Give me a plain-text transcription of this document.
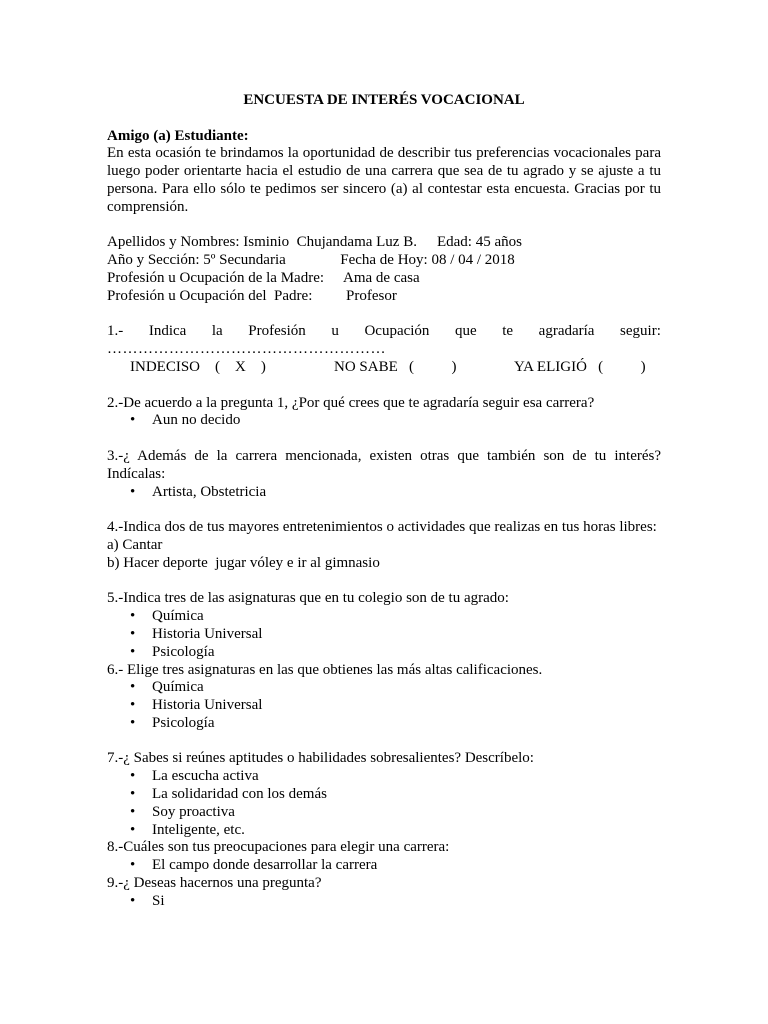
ENCUESTA DE INTERÉS VOCACIONAL
Amigo (a) Estudiante:
En esta ocasión te brindamos la oportunidad de describir tus preferencias vocacionales para luego poder orientarte hacia el estudio de una carrera que sea de tu agrado y se ajuste a tu persona. Para ello sólo te pedimos ser sincero (a) al contestar esta encuesta. Gracias por tu comprensión.
Apellidos y Nombres: Isminio  Chujandama Luz B. Edad: 45 años
Año y Sección: 5º Secundaria	Fecha de Hoy: 08 / 04 / 2018
Profesión u Ocupación de la Madre:	Ama de casa
Profesión u Ocupación del  Padre:	Profesor
1.- Indica la Profesión u Ocupación que te agradaría seguir:
………………………………………………
INDECISO    (    X    )	NO SABE   (          )	YA ELIGIÓ   (          )
2.-De acuerdo a la pregunta 1, ¿Por qué crees que te agradaría seguir esa carrera?
• Aun no decido
3.-¿ Además de la carrera mencionada, existen otras que también son de tu interés? Indícalas:
• Artista, Obstetricia
4.-Indica dos de tus mayores entretenimientos o actividades que realizas en tus horas libres:
a) Cantar
b) Hacer deporte  jugar vóley e ir al gimnasio
5.-Indica tres de las asignaturas que en tu colegio son de tu agrado:
• Química
• Historia Universal
• Psicología
6.- Elige tres asignaturas en las que obtienes las más altas calificaciones.
• Química
• Historia Universal
• Psicología
7.-¿ Sabes si reúnes aptitudes o habilidades sobresalientes? Descríbelo:
• La escucha activa
• La solidaridad con los demás
• Soy proactiva
• Inteligente, etc.
8.-Cuáles son tus preocupaciones para elegir una carrera:
• El campo donde desarrollar la carrera
9.-¿ Deseas hacernos una pregunta?
• Si
